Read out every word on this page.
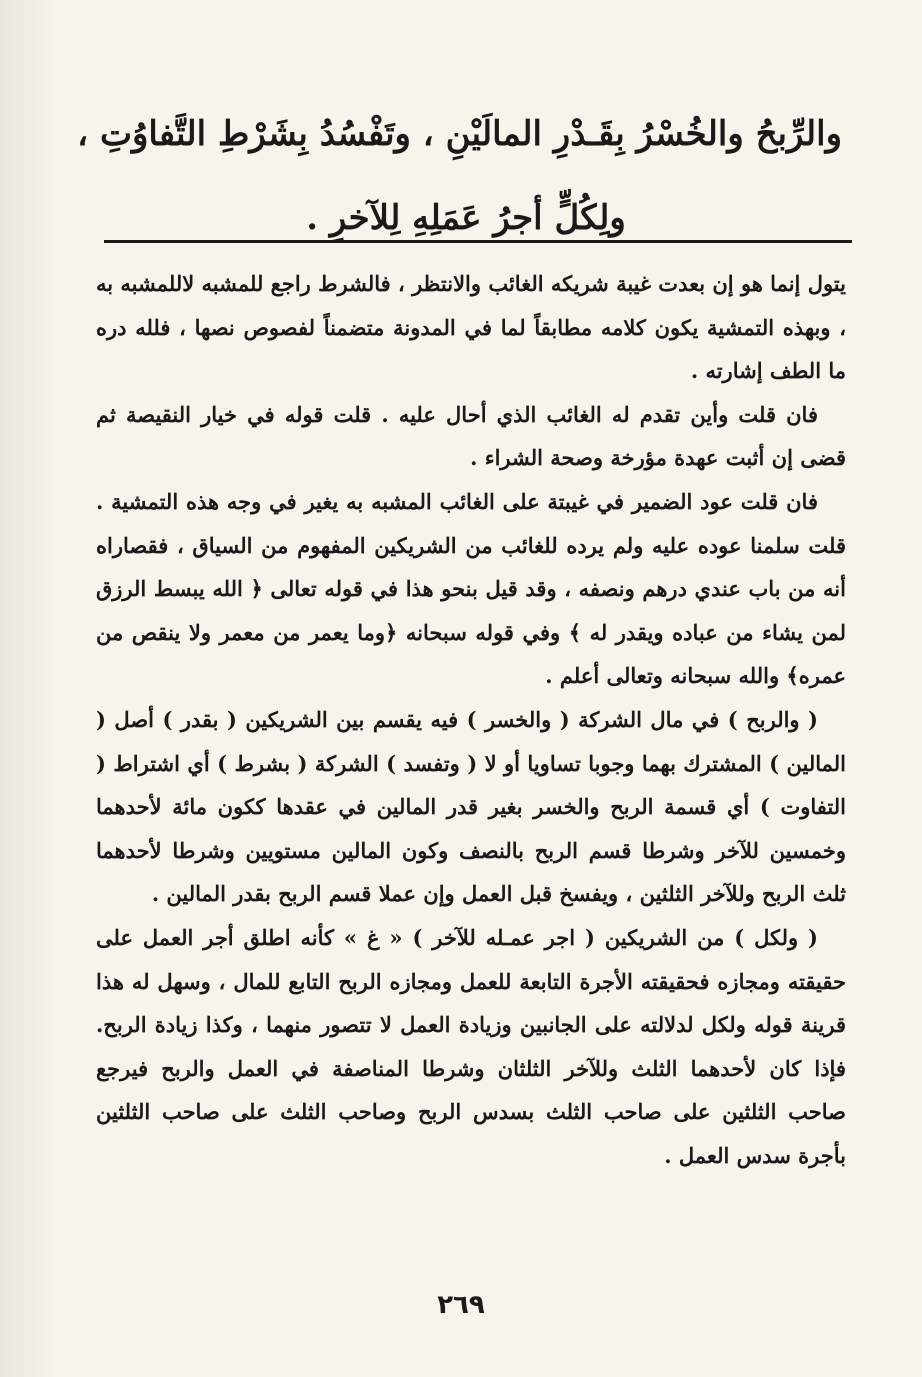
والرِّبحُ والخُسْرُ بِقَـدْرِ المالَيْنِ ، وتَفْسُدُ بِشَرْطِ التَّفاوُتِ ،
ولِكُلٍّ أجرُ عَمَلِهِ لِلآخرِ .

يتول إنما هو إن بعدت غيبة شريكه الغائب والانتظر ، فالشرط راجع للمشبه لاللمشبه به ، وبهذه التمشية يكون كلامه مطابقاً لما في المدونة متضمناً لفصوص نصها ، فلله دره ما الطف إشارته .

فان قلت وأين تقدم له الغائب الذي أحال عليه . قلت قوله في خيار النقيصة ثم قضى إن أثبت عهدة مؤرخة وصحة الشراء .

فان قلت عود الضمير في غيبتة على الغائب المشبه به يغير في وجه هذه التمشية . قلت سلمنا عوده عليه ولم يرده للغائب من الشريكين المفهوم من السياق ، فقصاراه أنه من باب عندي درهم ونصفه ، وقد قيل بنحو هذا في قوله تعالى ﴿ الله يبسط الرزق لمن يشاء من عباده ويقدر له ﴾ وفي قوله سبحانه ﴿وما يعمر من معمر ولا ينقص من عمره﴾ والله سبحانه وتعالى أعلم .

( والربح ) في مال الشركة ( والخسر ) فيه يقسم بين الشريكين ( بقدر ) أصل ( المالين ) المشترك بهما وجوبا تساويا أو لا ( وتفسد ) الشركة ( بشرط ) أي اشتراط ( التفاوت ) أي قسمة الربح والخسر بغير قدر المالين في عقدها ككون مائة لأحدهما وخمسين للآخر وشرطا قسم الربح بالنصف وكون المالين مستويين وشرطا لأحدهما ثلث الربح وللآخر الثلثين ، ويفسخ قبل العمل وإن عملا قسم الربح بقدر المالين .

( ولكل ) من الشريكين ( اجر عمـله للآخر ) « غ » كأنه اطلق أجر العمل على حقيقته ومجازه فحقيقته الأجرة التابعة للعمل ومجازه الربح التابع للمال ، وسهل له هذا قرينة قوله ولكل لدلالته على الجانبين وزيادة العمل لا تتصور منهما ، وكذا زيادة الربح. فإذا كان لأحدهما الثلث وللآخر الثلثان وشرطا المناصفة في العمل والربح فيرجع صاحب الثلثين على صاحب الثلث بسدس الربح وصاحب الثلث على صاحب الثلثين بأجرة سدس العمل .

٢٦٩
